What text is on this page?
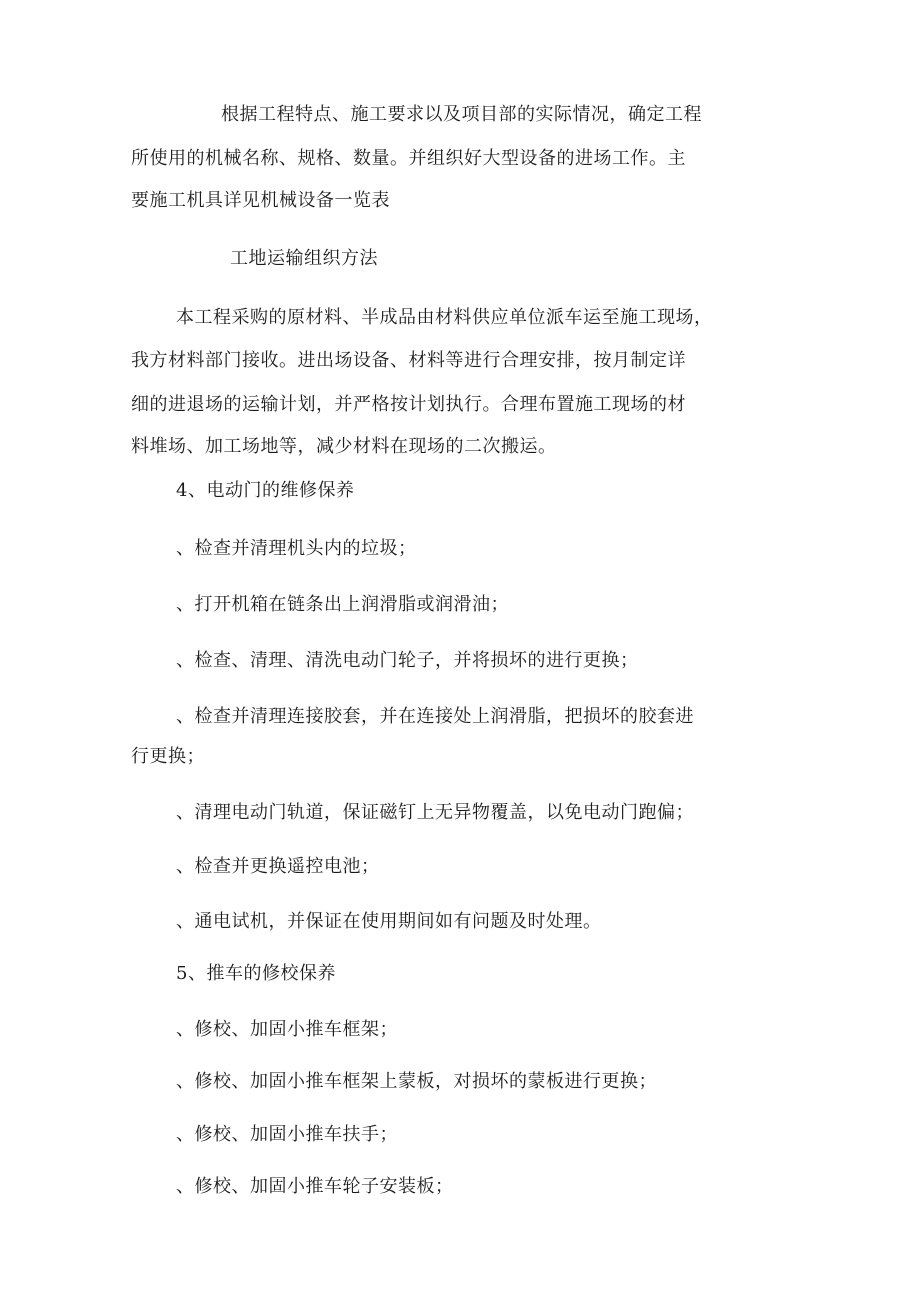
根据工程特点、施工要求以及项目部的实际情况，确定工程
所使用的机械名称、规格、数量。并组织好大型设备的进场工作。主
要施工机具详见机械设备一览表
工地运输组织方法
本工程采购的原材料、半成品由材料供应单位派车运至施工现场，
我方材料部门接收。进出场设备、材料等进行合理安排，按月制定详
细的进退场的运输计划，并严格按计划执行。合理布置施工现场的材
料堆场、加工场地等，减少材料在现场的二次搬运。
4、电动门的维修保养
、检查并清理机头内的垃圾；
、打开机箱在链条出上润滑脂或润滑油；
、检查、清理、清洗电动门轮子，并将损坏的进行更换；
、检查并清理连接胶套，并在连接处上润滑脂，把损坏的胶套进
行更换；
、清理电动门轨道，保证磁钉上无异物覆盖，以免电动门跑偏；
、检查并更换遥控电池；
、通电试机，并保证在使用期间如有问题及时处理。
5、推车的修校保养
、修校、加固小推车框架；
、修校、加固小推车框架上蒙板，对损坏的蒙板进行更换；
、修校、加固小推车扶手；
、修校、加固小推车轮子安装板；
